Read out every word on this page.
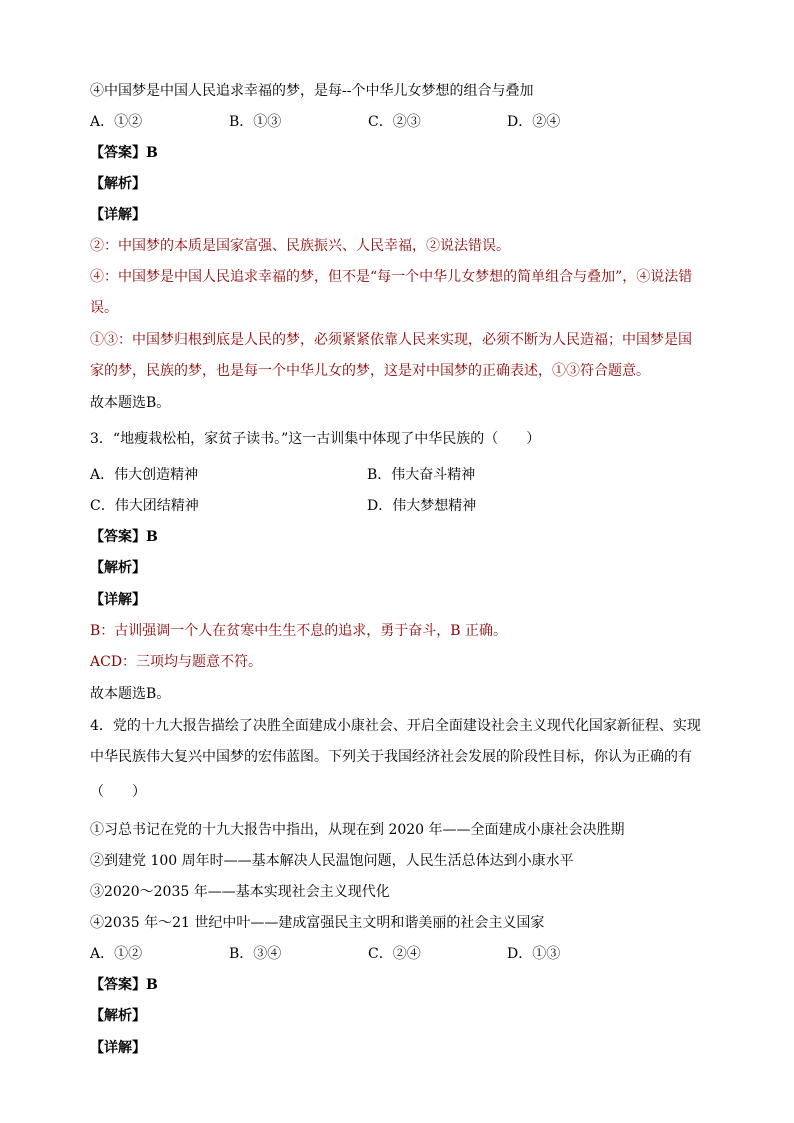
④中国梦是中国人民追求幸福的梦，是每--个中华儿女梦想的组合与叠加
A．①②	B．①③	C．②③	D．②④
【答案】B
【解析】
【详解】
②：中国梦的本质是国家富强、民族振兴、人民幸福，②说法错误。
④：中国梦是中国人民追求幸福的梦，但不是“每一个中华儿女梦想的简单组合与叠加”，④说法错
误。
①③：中国梦归根到底是人民的梦，必须紧紧依靠人民来实现，必须不断为人民造福；中国梦是国
家的梦，民族的梦，也是每一个中华儿女的梦，这是对中国梦的正确表述，①③符合题意。
故本题选B。
3．“地瘦栽松柏，家贫子读书。”这一古训集中体现了中华民族的（　　）
A．伟大创造精神	B．伟大奋斗精神
C．伟大团结精神	D．伟大梦想精神
【答案】B
【解析】
【详解】
B：古训强调一个人在贫寒中生生不息的追求，勇于奋斗，B 正确。
ACD：三项均与题意不符。
故本题选B。
4．党的十九大报告描绘了决胜全面建成小康社会、开启全面建设社会主义现代化国家新征程、实现
中华民族伟大复兴中国梦的宏伟蓝图。下列关于我国经济社会发展的阶段性目标，你认为正确的有
（　　）
①习总书记在党的十九大报告中指出，从现在到 2020 年——全面建成小康社会决胜期
②到建党 100 周年时——基本解决人民温饱问题，人民生活总体达到小康水平
③2020～2035 年——基本实现社会主义现代化
④2035 年～21 世纪中叶——建成富强民主文明和谐美丽的社会主义国家
A．①②	B．③④	C．②④	D．①③
【答案】B
【解析】
【详解】
